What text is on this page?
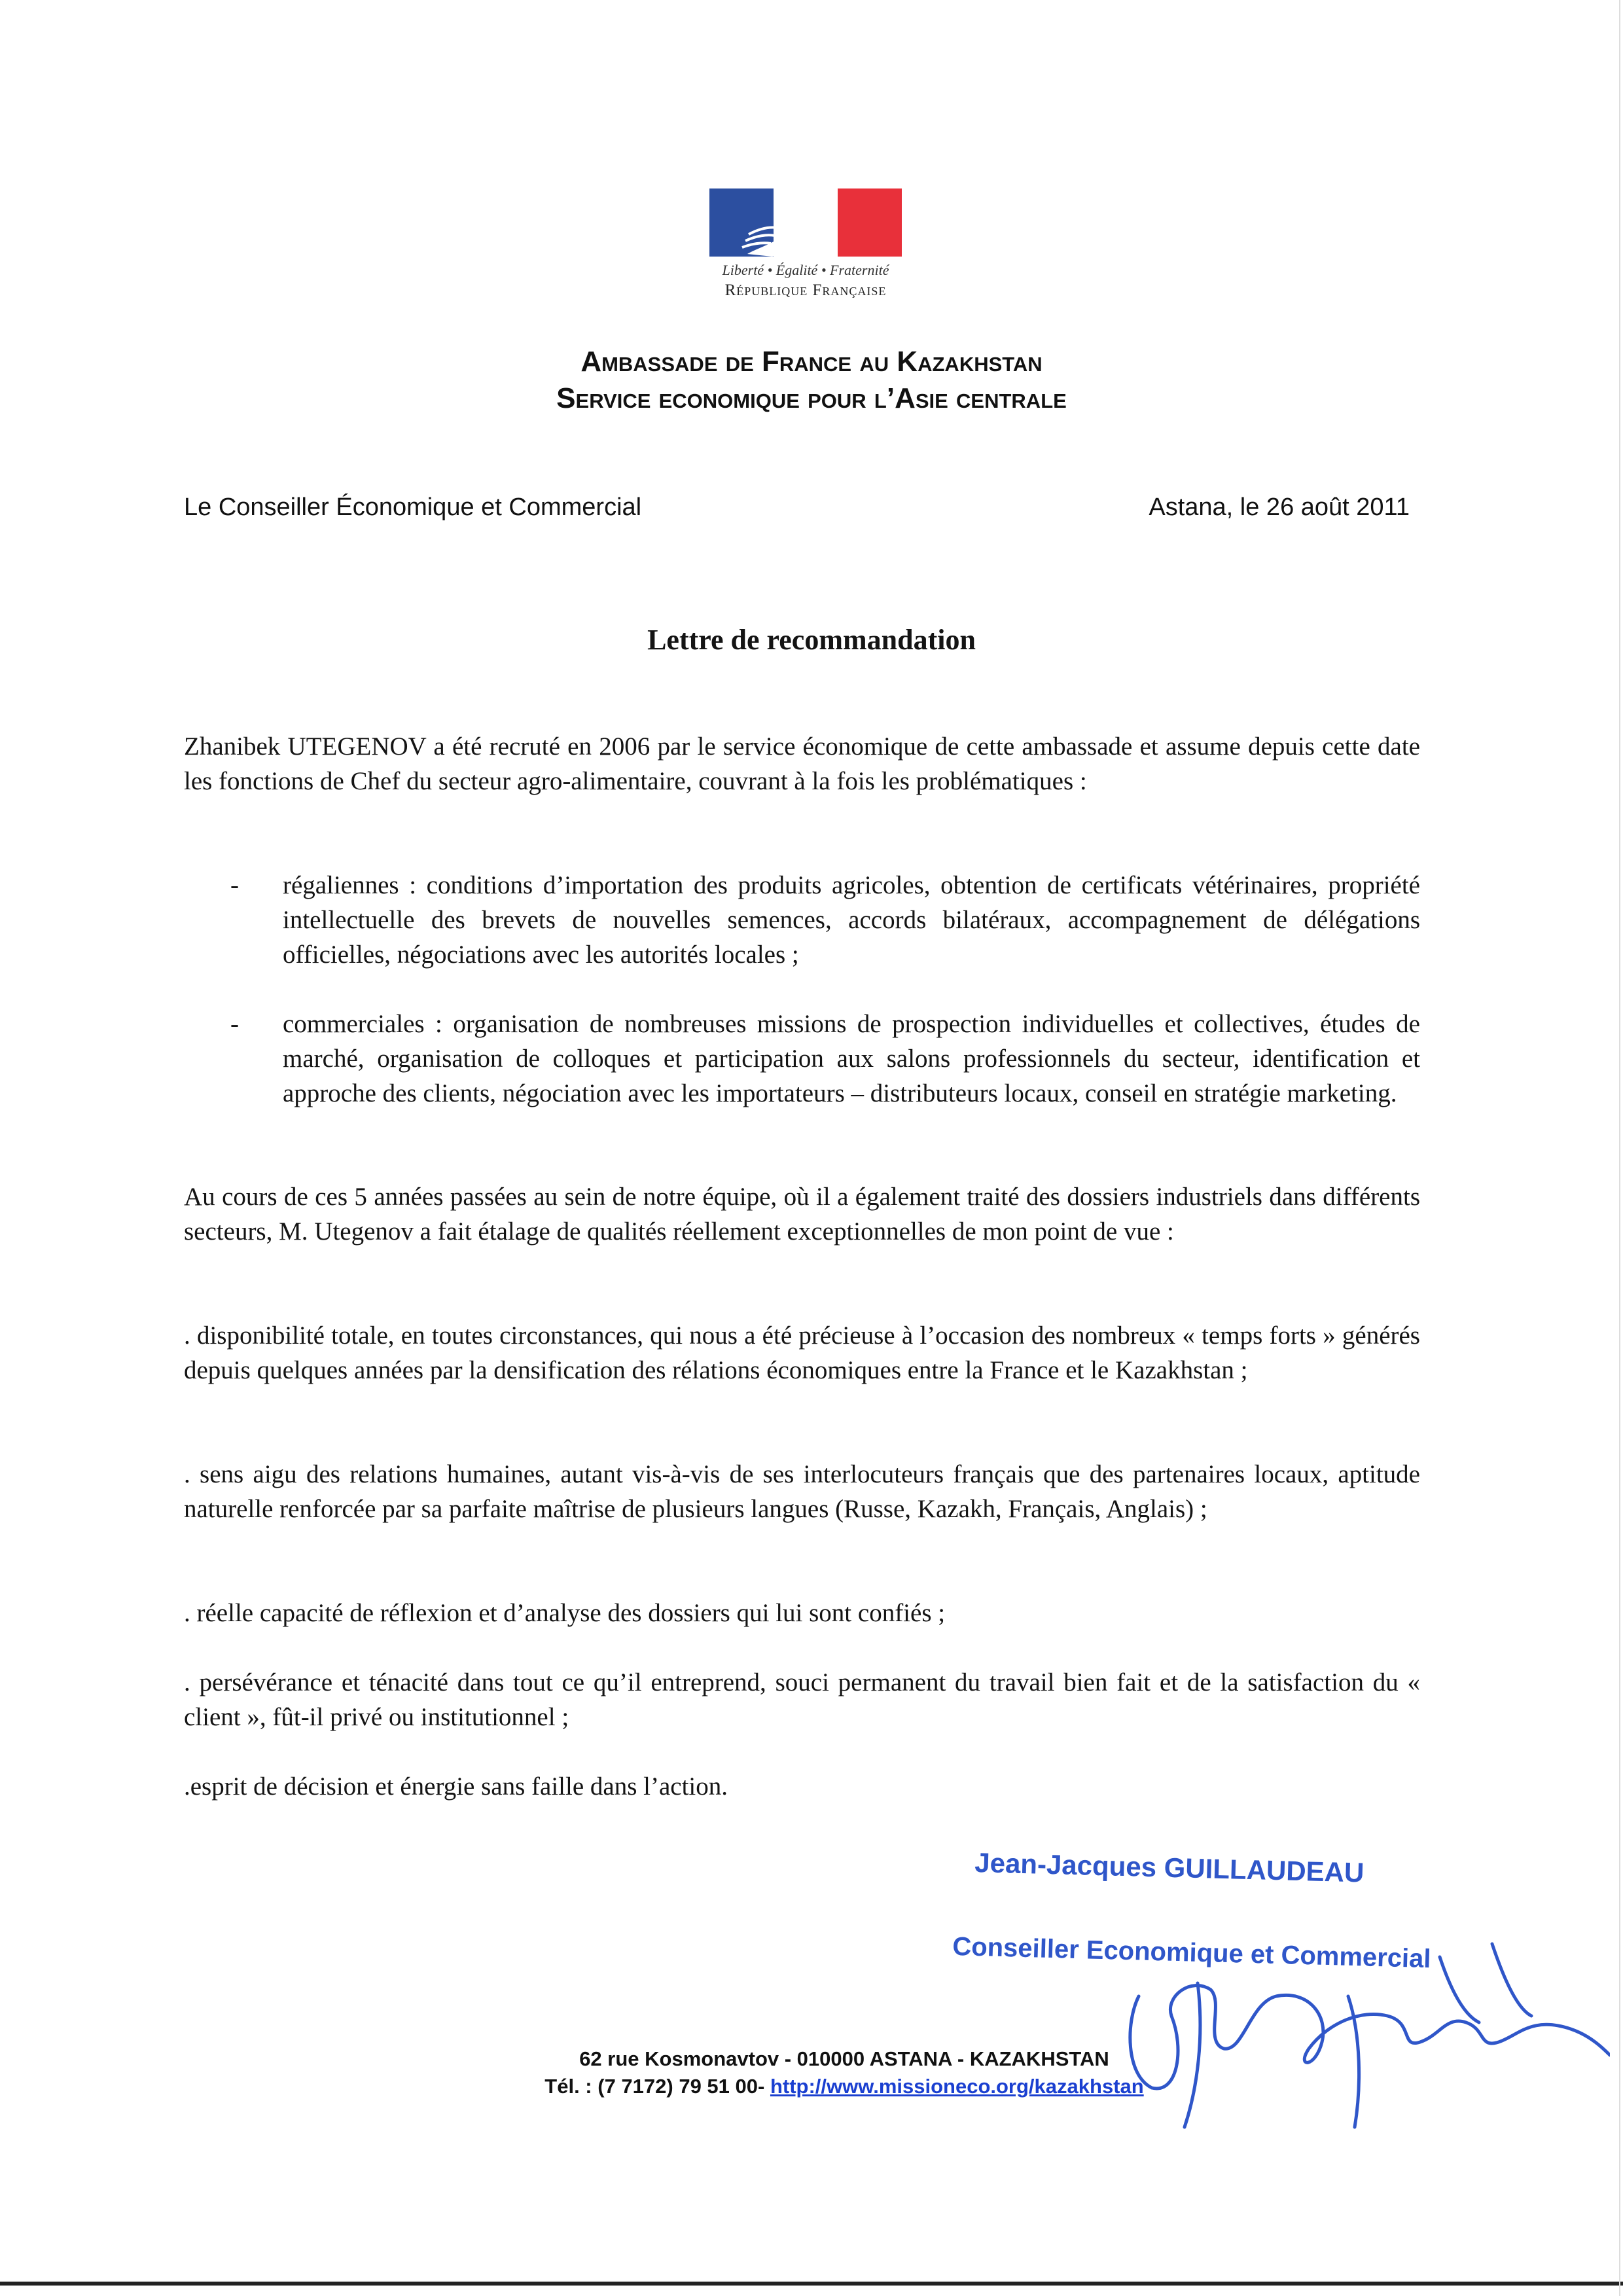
Liberté • Égalité • Fraternité
République Française
Ambassade de France au Kazakhstan
Service economique pour l’Asie centrale
Le Conseiller Économique et Commercial	Astana, le 26 août 2011
Lettre de recommandation

Zhanibek UTEGENOV a été recruté en 2006 par le service économique de cette ambassade et assume depuis cette date les fonctions de Chef du secteur agro-alimentaire, couvrant à la fois les problématiques :

- régaliennes : conditions d’importation des produits agricoles, obtention de certificats vétérinaires, propriété intellectuelle des brevets de nouvelles semences, accords bilatéraux, accompagnement de délégations officielles, négociations avec les autorités locales ;

- commerciales : organisation de nombreuses missions de prospection individuelles et collectives, études de marché, organisation de colloques et participation aux salons professionnels du secteur, identification et approche des clients, négociation avec les importateurs – distributeurs locaux, conseil en stratégie marketing.

Au cours de ces 5 années passées au sein de notre équipe, où il a également traité des dossiers industriels dans différents secteurs, M. Utegenov a fait étalage de qualités réellement exceptionnelles de mon point de vue :

. disponibilité totale, en toutes circonstances, qui nous a été précieuse à l’occasion des nombreux « temps forts » générés depuis quelques années par la densification des rélations économiques entre la France et le Kazakhstan ;

. sens aigu des relations humaines, autant vis-à-vis de ses interlocuteurs français que des partenaires locaux, aptitude naturelle renforcée par sa parfaite maîtrise de plusieurs langues (Russe, Kazakh, Français, Anglais) ;

. réelle capacité de réflexion et d’analyse des dossiers qui lui sont confiés ;

. persévérance et ténacité dans tout ce qu’il entreprend, souci permanent du travail bien fait et de la satisfaction du « client », fût-il privé ou institutionnel ;

.esprit de décision et énergie sans faille dans l’action.

Jean-Jacques GUILLAUDEAU
Conseiller Economique et Commercial
62 rue Kosmonavtov - 010000 ASTANA - KAZAKHSTAN
Tél. : (7 7172) 79 51 00- http://www.missioneco.org/kazakhstan
